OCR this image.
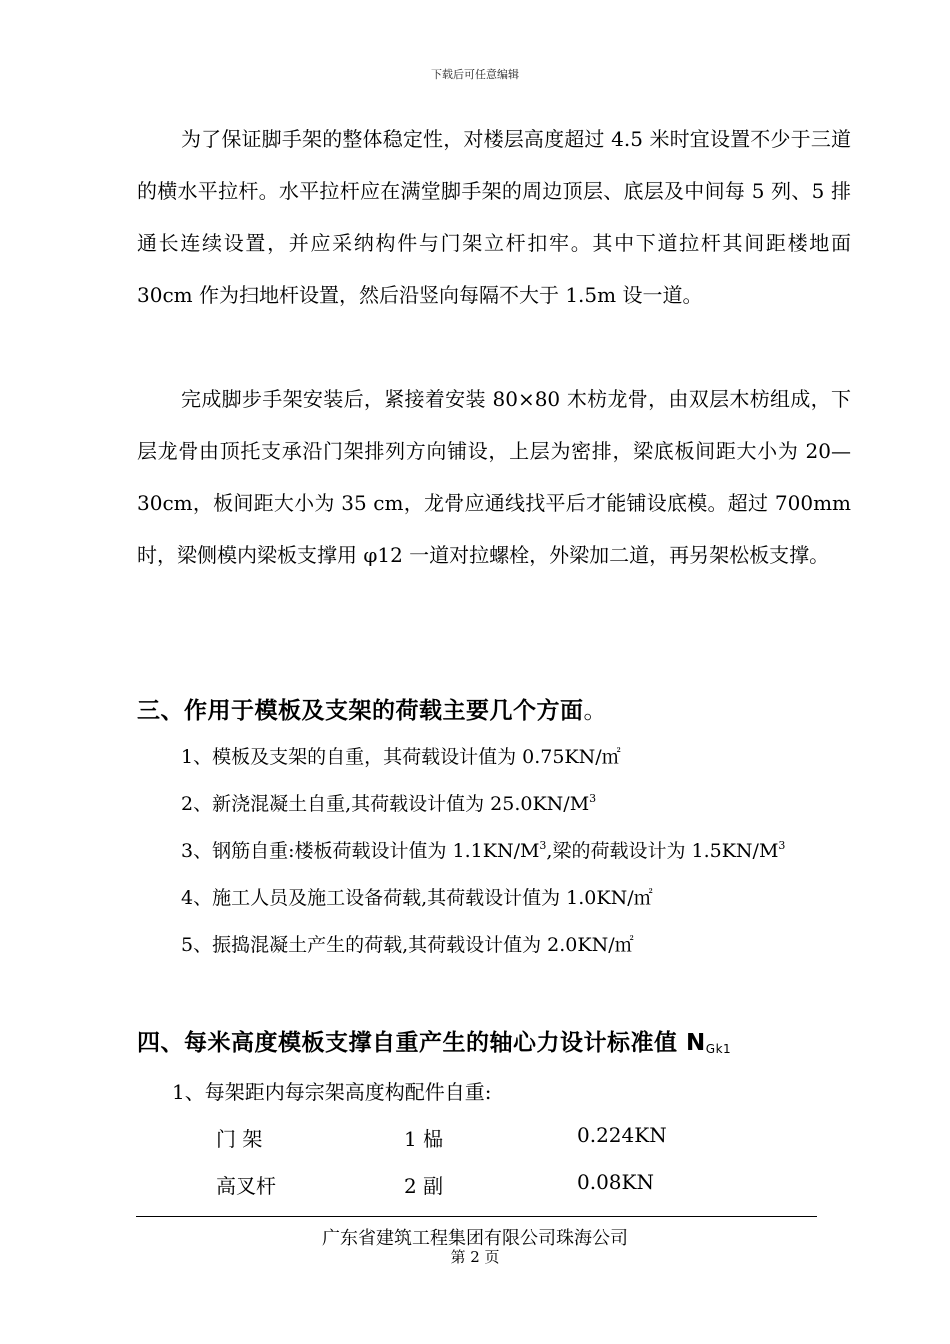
下载后可任意编辑

为了保证脚手架的整体稳定性，对楼层高度超过 4.5 米时宜设置不少于三道的横水平拉杆。水平拉杆应在满堂脚手架的周边顶层、底层及中间每 5 列、5 排通长连续设置，并应采纳构件与门架立杆扣牢。其中下道拉杆其间距楼地面 30cm 作为扫地杆设置，然后沿竖向每隔不大于 1.5m 设一道。

完成脚步手架安装后，紧接着安装 80×80 木枋龙骨，由双层木枋组成，下层龙骨由顶托支承沿门架排列方向铺设，上层为密排，梁底板间距大小为 20—30cm，板间距大小为 35 cm，龙骨应通线找平后才能铺设底模。超过 700mm 时，梁侧模内梁板支撑用 φ12 一道对拉螺栓，外梁加二道，再另架松板支撑。

三、作用于模板及支架的荷载主要几个方面。
1、模板及支架的自重，其荷载设计值为 0.75KN/㎡
2、新浇混凝土自重,其荷载设计值为 $25.0KN/M^3$
3、钢筋自重:楼板荷载设计值为 $1.1KN/M^3$,梁的荷载设计为 $1.5KN/M^3$
4、施工人员及施工设备荷载,其荷载设计值为 1.0KN/㎡
5、振捣混凝土产生的荷载,其荷载设计值为 2.0KN/㎡
四、每米高度模板支撑自重产生的轴心力设计标准值 $N_{Gk1}$
1、每架距内每宗架高度构配件自重:
门 架	1 榀	0.224KN
高叉杆	2 副	0.08KN
广东省建筑工程集团有限公司珠海公司
第 2 页
